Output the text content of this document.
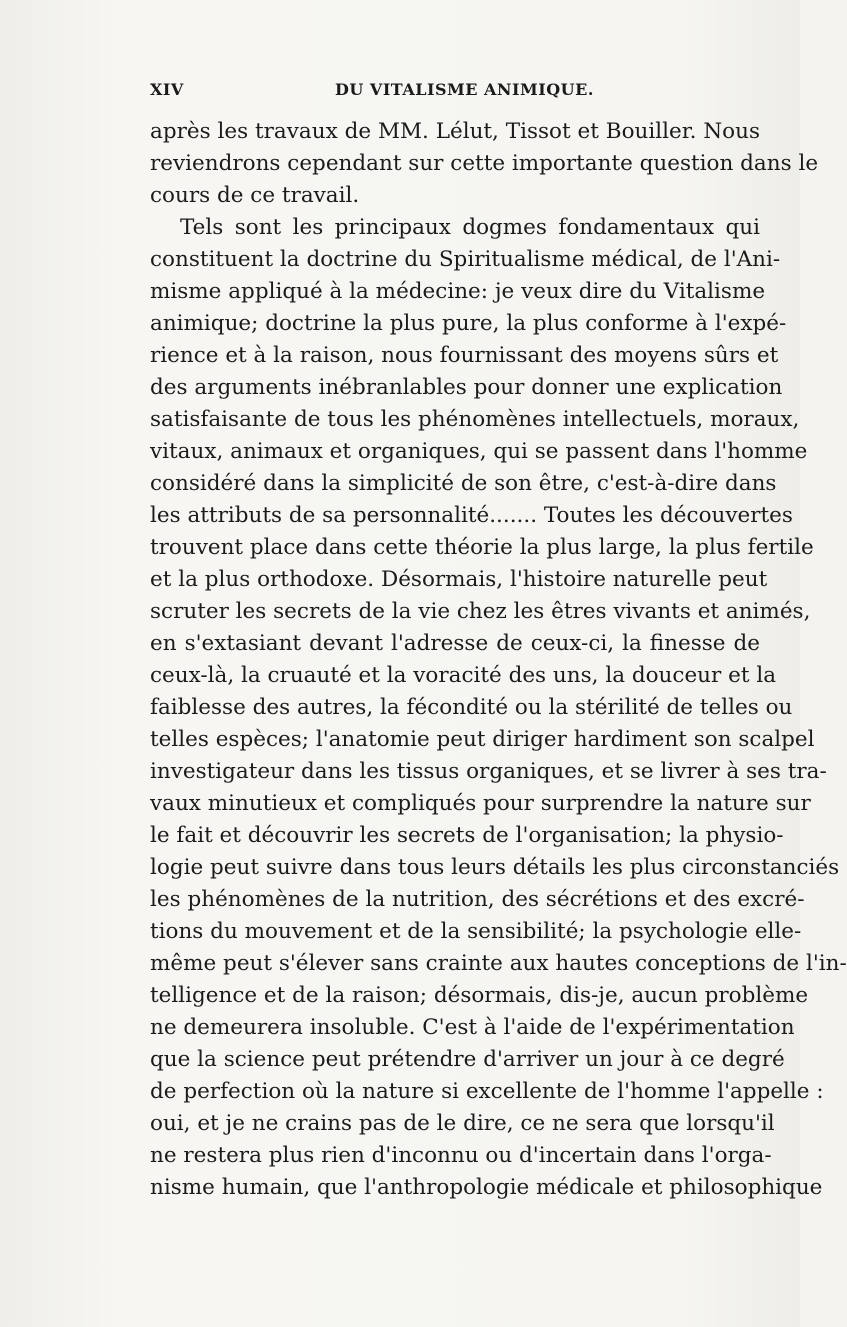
XIV	DU VITALISME ANIMIQUE.
après les travaux de MM. Lélut, Tissot et Bouiller. Nous
reviendrons cependant sur cette importante question dans le
cours de ce travail.
Tels sont les principaux dogmes fondamentaux qui
constituent la doctrine du Spiritualisme médical, de l'Ani-
misme appliqué à la médecine: je veux dire du Vitalisme
animique; doctrine la plus pure, la plus conforme à l'expé-
rience et à la raison, nous fournissant des moyens sûrs et
des arguments inébranlables pour donner une explication
satisfaisante de tous les phénomènes intellectuels, moraux,
vitaux, animaux et organiques, qui se passent dans l'homme
considéré dans la simplicité de son être, c'est-à-dire dans
les attributs de sa personnalité....... Toutes les découvertes
trouvent place dans cette théorie la plus large, la plus fertile
et la plus orthodoxe. Désormais, l'histoire naturelle peut
scruter les secrets de la vie chez les êtres vivants et animés,
en s'extasiant devant l'adresse de ceux-ci, la finesse de
ceux-là, la cruauté et la voracité des uns, la douceur et la
faiblesse des autres, la fécondité ou la stérilité de telles ou
telles espèces; l'anatomie peut diriger hardiment son scalpel
investigateur dans les tissus organiques, et se livrer à ses tra-
vaux minutieux et compliqués pour surprendre la nature sur
le fait et découvrir les secrets de l'organisation; la physio-
logie peut suivre dans tous leurs détails les plus circonstanciés
les phénomènes de la nutrition, des sécrétions et des excré-
tions du mouvement et de la sensibilité; la psychologie elle-
même peut s'élever sans crainte aux hautes conceptions de l'in-
telligence et de la raison; désormais, dis-je, aucun problème
ne demeurera insoluble. C'est à l'aide de l'expérimentation
que la science peut prétendre d'arriver un jour à ce degré
de perfection où la nature si excellente de l'homme l'appelle :
oui, et je ne crains pas de le dire, ce ne sera que lorsqu'il
ne restera plus rien d'inconnu ou d'incertain dans l'orga-
nisme humain, que l'anthropologie médicale et philosophique
